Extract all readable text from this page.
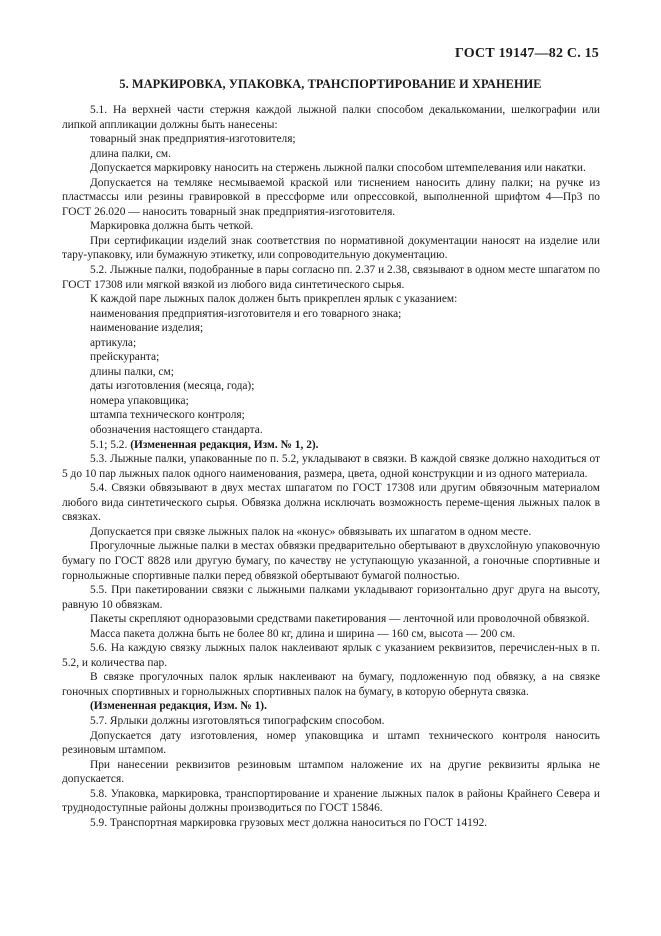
ГОСТ 19147—82 С. 15
5. МАРКИРОВКА, УПАКОВКА, ТРАНСПОРТИРОВАНИЕ И ХРАНЕНИЕ

5.1. На верхней части стержня каждой лыжной палки способом декалькомании, шелкографии или липкой аппликации должны быть нанесены:

товарный знак предприятия-изготовителя;

длина палки, см.

Допускается маркировку наносить на стержень лыжной палки способом штемпелевания или накатки.

Допускается на темляке несмываемой краской или тиснением наносить длину палки; на ручке из пластмассы или резины гравировкой в прессформе или опрессовкой, выполненной шрифтом 4—Пр3 по ГОСТ 26.020 — наносить товарный знак предприятия-изготовителя.

Маркировка должна быть четкой.

При сертификации изделий знак соответствия по нормативной документации наносят на изделие или тару-упаковку, или бумажную этикетку, или сопроводительную документацию.

5.2. Лыжные палки, подобранные в пары согласно пп. 2.37 и 2.38, связывают в одном месте шпагатом по ГОСТ 17308 или мягкой вязкой из любого вида синтетического сырья.

К каждой паре лыжных палок должен быть прикреплен ярлык с указанием:

наименования предприятия-изготовителя и его товарного знака;

наименование изделия;

артикула;

прейскуранта;

длины палки, см;

даты изготовления (месяца, года);

номера упаковщика;

штампа технического контроля;

обозначения настоящего стандарта.

5.1; 5.2. (Измененная редакция, Изм. № 1, 2).

5.3. Лыжные палки, упакованные по п. 5.2, укладывают в связки. В каждой связке должно находиться от 5 до 10 пар лыжных палок одного наименования, размера, цвета, одной конструкции и из одного материала.

5.4. Связки обвязывают в двух местах шпагатом по ГОСТ 17308 или другим обвязочным материалом любого вида синтетического сырья. Обвязка должна исключать возможность переме-щения лыжных палок в связках.

Допускается при связке лыжных палок на «конус» обвязывать их шпагатом в одном месте.

Прогулочные лыжные палки в местах обвязки предварительно обертывают в двухслойную упаковочную бумагу по ГОСТ 8828 или другую бумагу, по качеству не уступающую указанной, а гоночные спортивные и горнолыжные спортивные палки перед обвязкой обертывают бумагой полностью.

5.5. При пакетировании связки с лыжными палками укладывают горизонтально друг друга на высоту, равную 10 обвязкам.

Пакеты скрепляют одноразовыми средствами пакетирования — ленточной или проволочной обвязкой.

Масса пакета должна быть не более 80 кг, длина и ширина — 160 см, высота — 200 см.

5.6. На каждую связку лыжных палок наклеивают ярлык с указанием реквизитов, перечислен-ных в п. 5.2, и количества пар.

В связке прогулочных палок ярлык наклеивают на бумагу, подложенную под обвязку, а на связке гоночных спортивных и горнолыжных спортивных палок на бумагу, в которую обернута связка.

(Измененная редакция, Изм. № 1).

5.7. Ярлыки должны изготовляться типографским способом.

Допускается дату изготовления, номер упаковщика и штамп технического контроля наносить резиновым штампом.

При нанесении реквизитов резиновым штампом наложение их на другие реквизиты ярлыка не допускается.

5.8. Упаковка, маркировка, транспортирование и хранение лыжных палок в районы Крайнего Севера и труднодоступные районы должны производиться по ГОСТ 15846.

5.9. Транспортная маркировка грузовых мест должна наноситься по ГОСТ 14192.
